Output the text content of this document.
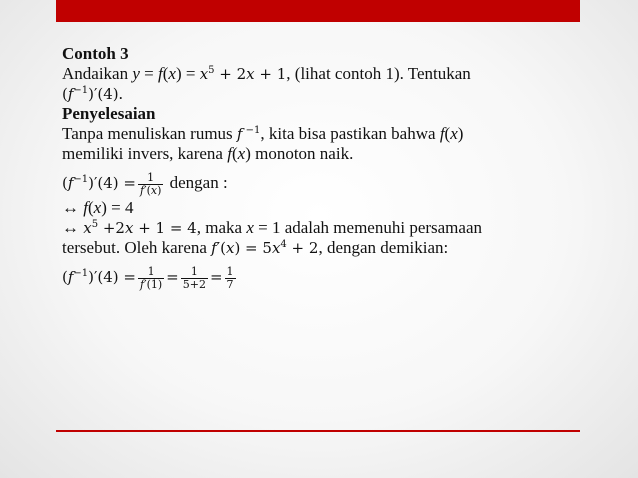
Contoh 3
Andaikan y = f(x) = 𝑥$^5$ + 2𝑥 + 1, (lihat contoh 1). Tentukan
(𝑓$^{-1}$)′(4).
Penyelesaian
Tanpa menuliskan rumus 𝑓 $^{-1}$, kita bisa pastikan bahwa f(x)
memiliki invers, karena f(x) monoton naik.
(𝑓$^{-1}$)′(4) = $\frac{1}{\text{𝑓′(𝑥)}}$ dengan :
↔ f(x) = 4
↔ 𝑥$^5$ +2𝑥 + 1 = 4, maka x = 1 adalah memenuhi persamaan
tersebut. Oleh karena 𝑓′(𝑥) = 5𝑥$^4$ + 2, dengan demikian:
(𝑓$^{-1}$)′(4) = $\frac{1}{\text{𝑓′(1)}} = \frac{1}{5+2} = \frac{1}{7}$
